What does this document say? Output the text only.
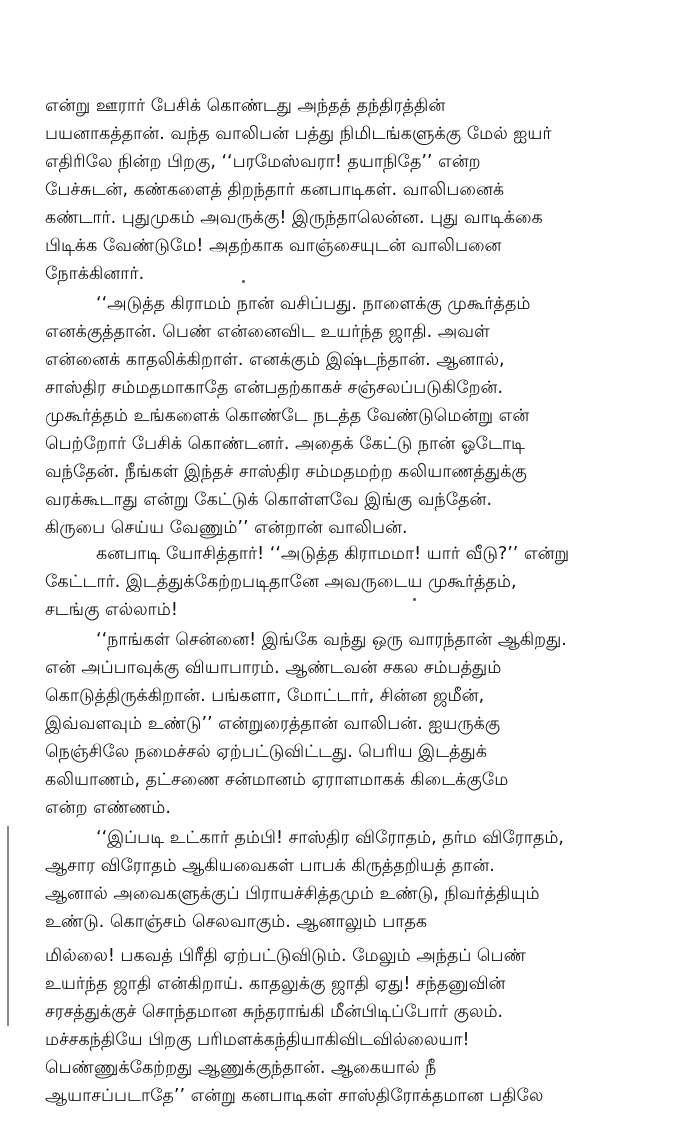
என்று ஊரார் பேசிக் கொண்டது அந்தத் தந்திரத்தின்
பயனாகத்தான். வந்த வாலிபன் பத்து நிமிடங்களுக்கு மேல் ஐயர்
எதிரிலே நின்ற பிறகு, ‘‘பரமேஸ்வரா! தயாநிதே’’ என்ற
பேச்சுடன், கண்களைத் திறந்தார் கனபாடிகள். வாலிபனைக்
கண்டார். புதுமுகம் அவருக்கு! இருந்தாலென்ன. புது வாடிக்கை
பிடிக்க வேண்டுமே! அதற்காக வாஞ்சையுடன் வாலிபனை
நோக்கினார்.
‘‘அடுத்த கிராமம் நான் வசிப்பது. நாளைக்கு முகூர்த்தம்
எனக்குத்தான். பெண் என்னைவிட உயர்ந்த ஜாதி. அவள்
என்னைக் காதலிக்கிறாள். எனக்கும் இஷ்டந்தான். ஆனால்,
சாஸ்திர சம்மதமாகாதே என்பதற்காகச் சஞ்சலப்படுகிறேன்.
முகூர்த்தம் உங்களைக் கொண்டே நடத்த வேண்டுமென்று என்
பெற்றோர் பேசிக் கொண்டனர். அதைக் கேட்டு நான் ஓடோடி
வந்தேன். நீங்கள் இந்தச் சாஸ்திர சம்மதமற்ற கலியாணத்துக்கு
வரக்கூடாது என்று கேட்டுக் கொள்ளவே இங்கு வந்தேன்.
கிருபை செய்ய வேணும்’’ என்றான் வாலிபன்.
கனபாடி யோசித்தார்! ‘‘அடுத்த கிராமமா! யார் வீடு?’’ என்று
கேட்டார். இடத்துக்கேற்றபடிதானே அவருடைய முகூர்த்தம்,
சடங்கு எல்லாம்!
‘‘நாங்கள் சென்னை! இங்கே வந்து ஒரு வாரந்தான் ஆகிறது.
என் அப்பாவுக்கு வியாபாரம். ஆண்டவன் சகல சம்பத்தும்
கொடுத்திருக்கிறான். பங்களா, மோட்டார், சின்ன ஜமீன்,
இவ்வளவும் உண்டு’’ என்றுரைத்தான் வாலிபன். ஐயருக்கு
நெஞ்சிலே நமைச்சல் ஏற்பட்டுவிட்டது. பெரிய இடத்துக்
கலியாணம், தட்சணை சன்மானம் ஏராளமாகக் கிடைக்குமே
என்ற எண்ணம்.
‘‘இப்படி உட்கார் தம்பி! சாஸ்திர விரோதம், தர்ம விரோதம்,
ஆசார விரோதம் ஆகியவைகள் பாபக் கிருத்தறியத் தான்.
ஆனால் அவைகளுக்குப் பிராயச்சித்தமும் உண்டு, நிவர்த்தியும்
உண்டு. கொஞ்சம் செலவாகும். ஆனாலும் பாதக
மில்லை! பகவத் பிரீதி ஏற்பட்டுவிடும். மேலும் அந்தப் பெண்
உயர்ந்த ஜாதி என்கிறாய். காதலுக்கு ஜாதி ஏது! சந்தனுவின்
சரசத்துக்குச் சொந்தமான சுந்தராங்கி மீன்பிடிப்போர் குலம்.
மச்சகந்தியே பிறகு பரிமளக்கந்தியாகிவிடவில்லையா!
பெண்ணுக்கேற்றது ஆணுக்குந்தான். ஆகையால் நீ
ஆயாசப்படாதே’’ என்று கனபாடிகள் சாஸ்திரோக்தமான பதிலே
